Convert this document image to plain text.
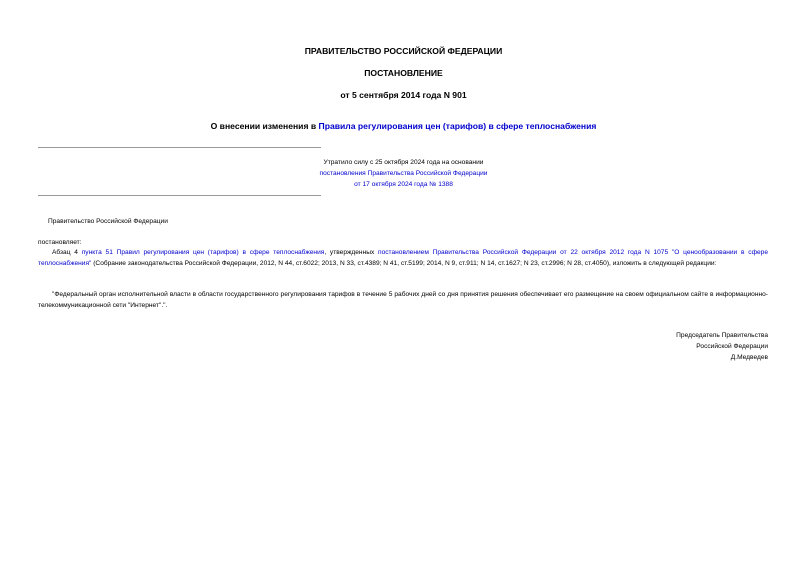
ПРАВИТЕЛЬСТВО РОССИЙСКОЙ ФЕДЕРАЦИИ
ПОСТАНОВЛЕНИЕ
от 5 сентября 2014 года N 901
О внесении изменения в Правила регулирования цен (тарифов) в сфере теплоснабжения
Утратило силу с 25 октября 2024 года на основании
постановления Правительства Российской Федерации
от 17 октября 2024 года № 1388
Правительство Российской Федерации
постановляет:
Абзац 4 пункта 51 Правил регулирования цен (тарифов) в сфере теплоснабжения, утвержденных постановлением Правительства Российской Федерации от 22 октября 2012 года N 1075 "О ценообразовании в сфере теплоснабжения" (Собрание законодательства Российской Федерации, 2012, N 44, ст.6022; 2013, N 33, ст.4389; N 41, ст.5199; 2014, N 9, ст.911; N 14, ст.1627; N 23, ст.2996; N 28, ст.4050), изложить в следующей редакции:
"Федеральный орган исполнительной власти в области государственного регулирования тарифов в течение 5 рабочих дней со дня принятия решения обеспечивает его размещение на своем официальном сайте в информационно-телекоммуникационной сети "Интернет".".
Председатель Правительства
Российской Федерации
Д.Медведев
